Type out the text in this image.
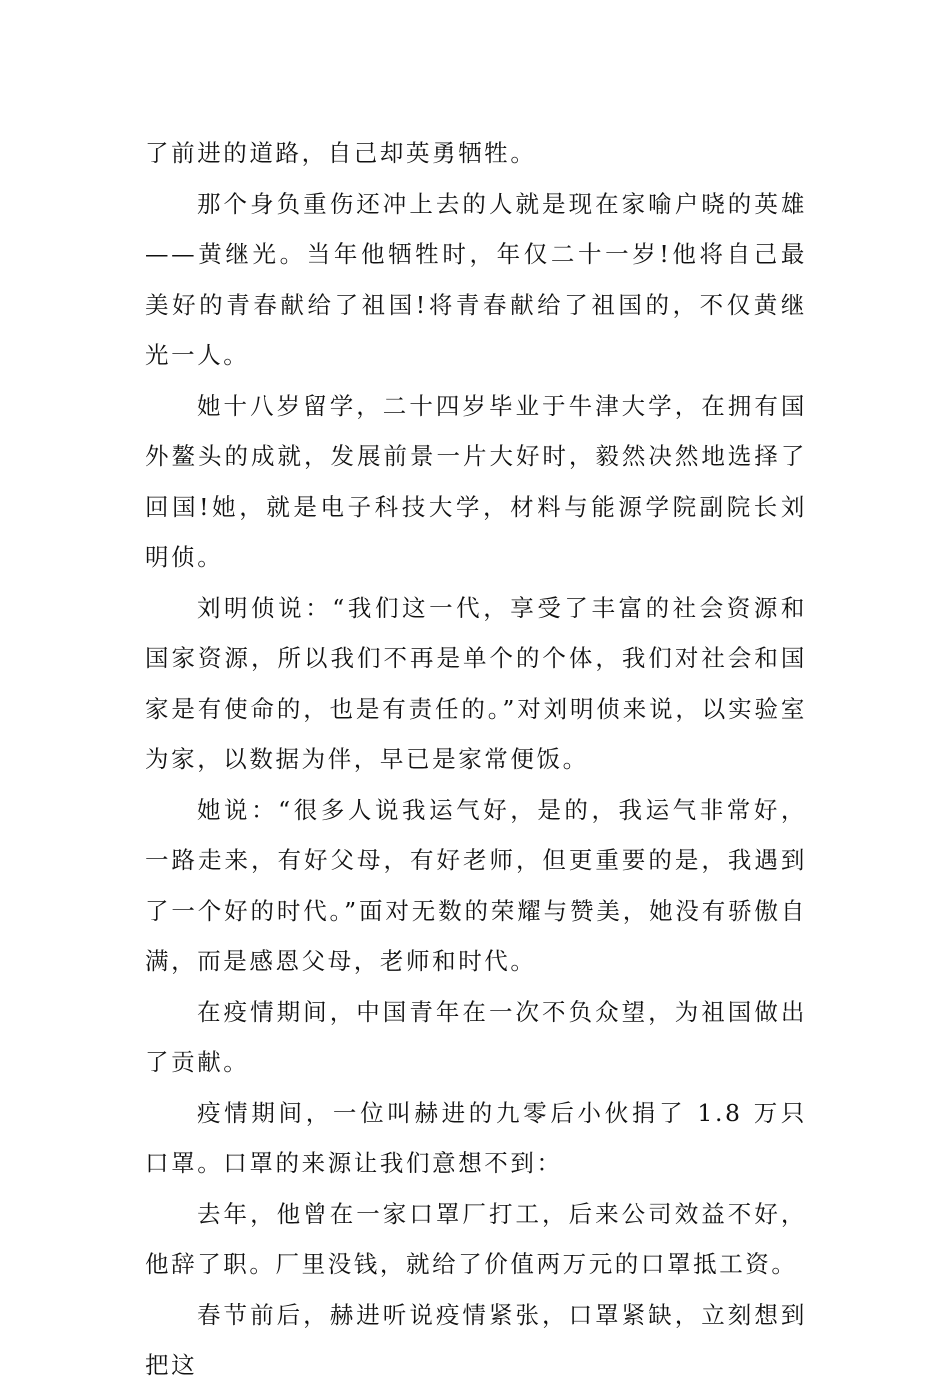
了前进的道路，自己却英勇牺牲。

那个身负重伤还冲上去的人就是现在家喻户晓的英雄——黄继光。当年他牺牲时，年仅二十一岁!他将自己最美好的青春献给了祖国!将青春献给了祖国的，不仅黄继光一人。

她十八岁留学，二十四岁毕业于牛津大学，在拥有国外鳌头的成就，发展前景一片大好时，毅然决然地选择了回国!她，就是电子科技大学，材料与能源学院副院长刘明侦。

刘明侦说：“我们这一代，享受了丰富的社会资源和国家资源，所以我们不再是单个的个体，我们对社会和国家是有使命的，也是有责任的。”对刘明侦来说，以实验室为家，以数据为伴，早已是家常便饭。

她说：“很多人说我运气好，是的，我运气非常好，一路走来，有好父母，有好老师，但更重要的是，我遇到了一个好的时代。”面对无数的荣耀与赞美，她没有骄傲自满，而是感恩父母，老师和时代。

在疫情期间，中国青年在一次不负众望，为祖国做出了贡献。

疫情期间，一位叫赫进的九零后小伙捐了 1.8 万只口罩。口罩的来源让我们意想不到：

去年，他曾在一家口罩厂打工，后来公司效益不好，他辞了职。厂里没钱，就给了价值两万元的口罩抵工资。

春节前后，赫进听说疫情紧张，口罩紧缺，立刻想到把这
